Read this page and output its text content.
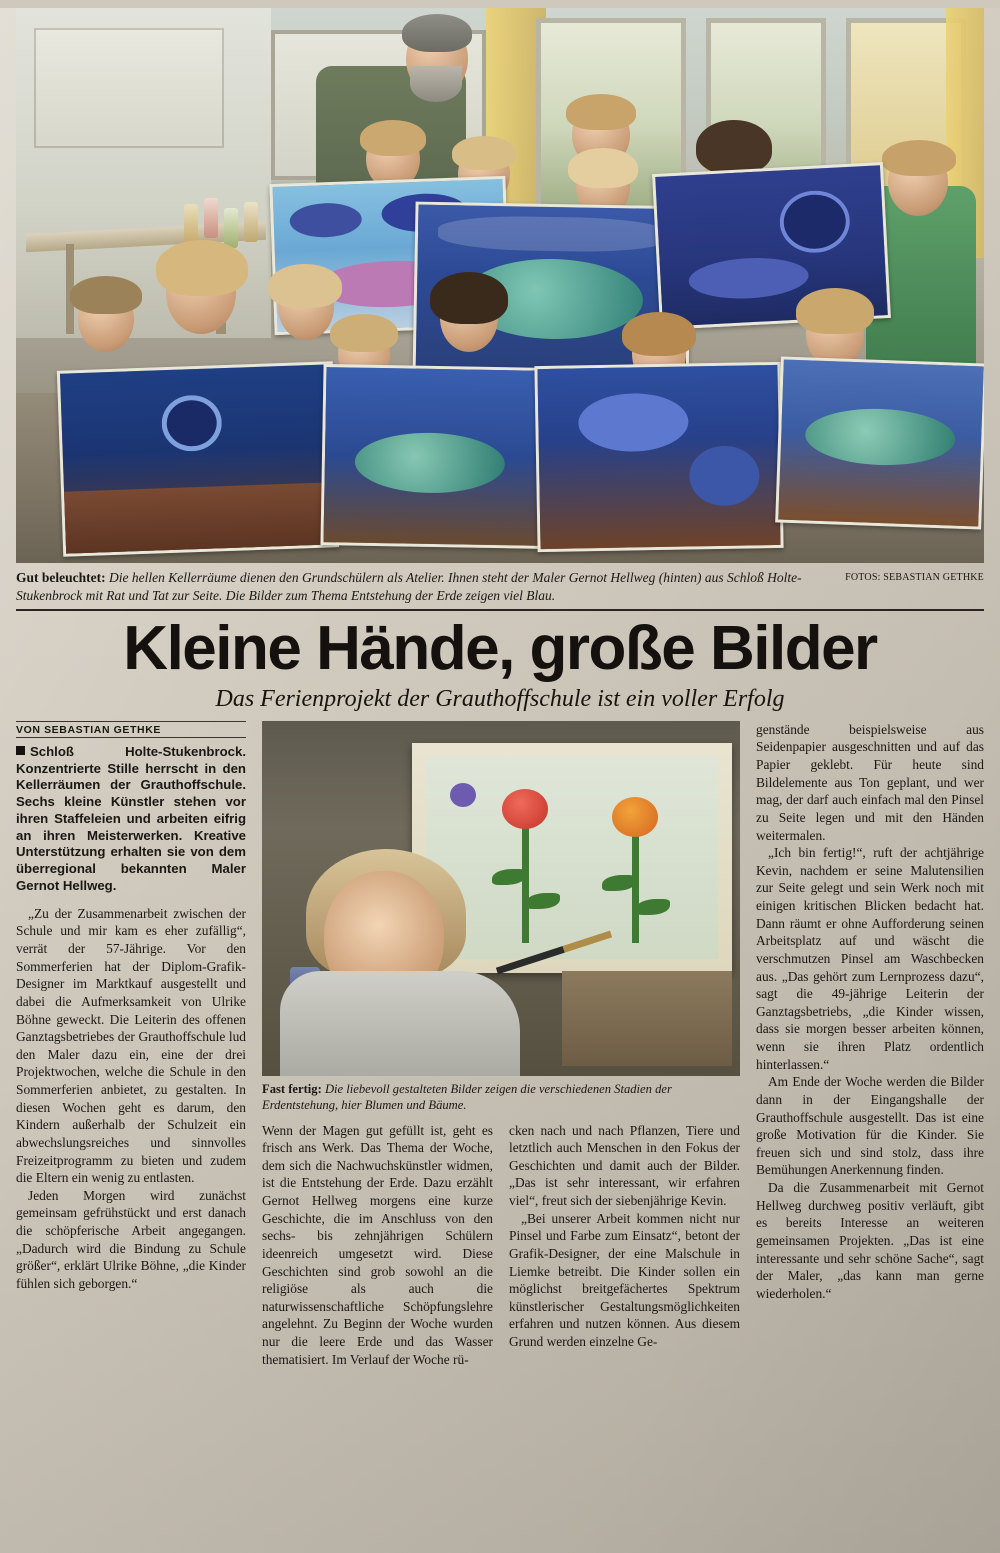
FOTOS: SEBASTIAN GETHKE
Gut beleuchtet: Die hellen Kellerräume dienen den Grundschülern als Atelier. Ihnen steht der Maler Gernot Hellweg (hinten) aus Schloß Holte-Stukenbrock mit Rat und Tat zur Seite. Die Bilder zum Thema Entstehung der Erde zeigen viel Blau.
Kleine Hände, große Bilder
Das Ferienprojekt der Grauthoffschule ist ein voller Erfolg
VON SEBASTIAN GETHKE
Schloß Holte-Stukenbrock. Konzentrierte Stille herrscht in den Kellerräumen der Grauthoffschule. Sechs kleine Künstler stehen vor ihren Staffeleien und arbeiten eifrig an ihren Meisterwerken. Kreative Unterstützung erhalten sie von dem überregional bekannten Maler Gernot Hellweg.

„Zu der Zusammenarbeit zwischen der Schule und mir kam es eher zufällig“, verrät der 57-Jährige. Vor den Sommerferien hat der Diplom-Grafik-Designer im Marktkauf ausgestellt und dabei die Aufmerksamkeit von Ulrike Böhne geweckt. Die Leiterin des offenen Ganztagsbetriebes der Grauthoffschule lud den Maler dazu ein, eine der drei Projektwochen, welche die Schule in den Sommerferien anbietet, zu gestalten. In diesen Wochen geht es darum, den Kindern außerhalb der Schulzeit ein abwechslungsreiches und sinnvolles Freizeitprogramm zu bieten und zudem die Eltern ein wenig zu entlasten.

Jeden Morgen wird zunächst gemeinsam gefrühstückt und erst danach die schöpferische Arbeit angegangen. „Dadurch wird die Bindung zu Schule größer“, erklärt Ulrike Böhne, „die Kinder fühlen sich geborgen.“

Fast fertig: Die liebevoll gestalteten Bilder zeigen die verschiedenen Stadien der Erdentstehung, hier Blumen und Bäume.

Wenn der Magen gut gefüllt ist, geht es frisch ans Werk. Das Thema der Woche, dem sich die Nachwuchskünstler widmen, ist die Entstehung der Erde. Dazu erzählt Gernot Hellweg morgens eine kurze Geschichte, die im Anschluss von den sechs- bis zehnjährigen Schülern ideenreich umgesetzt wird. Diese Geschichten sind grob sowohl an die religiöse als auch die naturwissenschaftliche Schöpfungslehre angelehnt. Zu Beginn der Woche wurden nur die leere Erde und das Wasser thematisiert. Im Verlauf der Woche rü-

cken nach und nach Pflanzen, Tiere und letztlich auch Menschen in den Fokus der Geschichten und damit auch der Bilder. „Das ist sehr interessant, wir erfahren viel“, freut sich der siebenjährige Kevin.

„Bei unserer Arbeit kommen nicht nur Pinsel und Farbe zum Einsatz“, betont der Grafik-Designer, der eine Malschule in Liemke betreibt. Die Kinder sollen ein möglichst breitgefächertes Spektrum künstlerischer Gestaltungsmöglichkeiten erfahren und nutzen können. Aus diesem Grund werden einzelne Ge-

genstände beispielsweise aus Seidenpapier ausgeschnitten und auf das Papier geklebt. Für heute sind Bildelemente aus Ton geplant, und wer mag, der darf auch einfach mal den Pinsel zu Seite legen und mit den Händen weitermalen.

„Ich bin fertig!“, ruft der achtjährige Kevin, nachdem er seine Malutensilien zur Seite gelegt und sein Werk noch mit einigen kritischen Blicken bedacht hat. Dann räumt er ohne Aufforderung seinen Arbeitsplatz auf und wäscht die verschmutzen Pinsel am Waschbecken aus. „Das gehört zum Lernprozess dazu“, sagt die 49-jährige Leiterin der Ganztagsbetriebs, „die Kinder wissen, dass sie morgen besser arbeiten können, wenn sie ihren Platz ordentlich hinterlassen.“

Am Ende der Woche werden die Bilder dann in der Eingangshalle der Grauthoffschule ausgestellt. Das ist eine große Motivation für die Kinder. Sie freuen sich und sind stolz, dass ihre Bemühungen Anerkennung finden.

Da die Zusammenarbeit mit Gernot Hellweg durchweg positiv verläuft, gibt es bereits Interesse an weiteren gemeinsamen Projekten. „Das ist eine interessante und sehr schöne Sache“, sagt der Maler, „das kann man gerne wiederholen.“
